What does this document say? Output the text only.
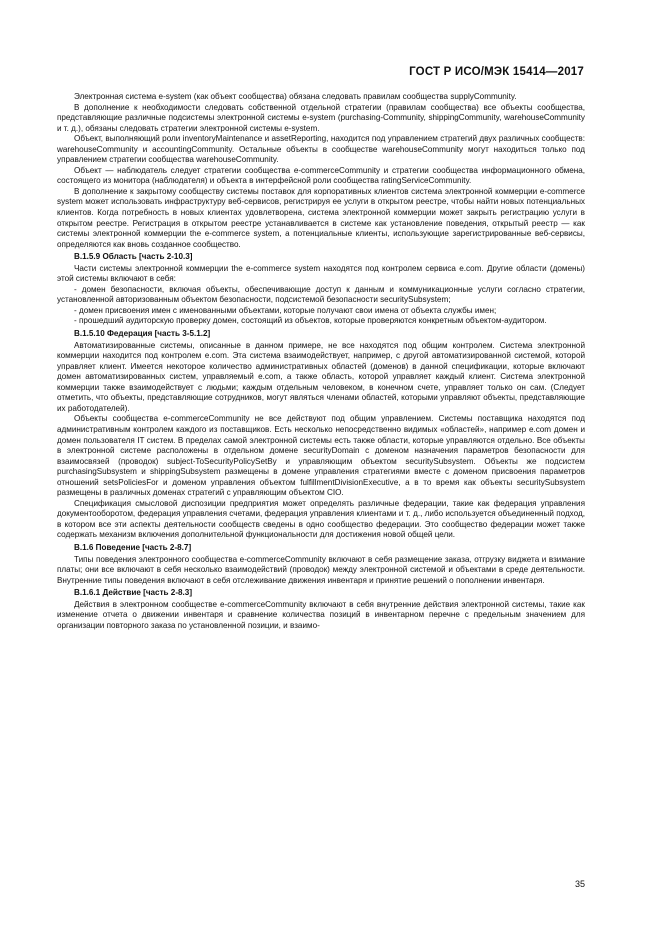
ГОСТ Р ИСО/МЭК 15414—2017

Электронная система e-system (как объект сообщества) обязана следовать правилам сообщества supplyCommunity.

В дополнение к необходимости следовать собственной отдельной стратегии (правилам сообщества) все объекты сообщества, представляющие различные подсистемы электронной системы e-system (purchasing-Community, shippingCommunity, warehouseCommunity и т. д.), обязаны следовать стратегии электронной системы e-system.

Объект, выполняющий роли inventoryMaintenance и assetReporting, находится под управлением стратегий двух различных сообществ: warehouseCommunity и accountingCommunity. Остальные объекты в сообществе warehouseCommunity могут находиться только под управлением стратегии сообщества warehouseCommunity.

Объект — наблюдатель следует стратегии сообщества e-commerceCommunity и стратегии сообщества информационного обмена, состоящего из монитора (наблюдателя) и объекта в интерфейсной роли сообщества ratingServiceCommunity.

В дополнение к закрытому сообществу системы поставок для корпоративных клиентов система электронной коммерции e-commerce system может использовать инфраструктуру веб-сервисов, регистрируя ее услуги в открытом реестре, чтобы найти новых потенциальных клиентов. Когда потребность в новых клиентах удовлетворена, система электронной коммерции может закрыть регистрацию услуги в открытом реестре. Регистрация в открытом реестре устанавливается в системе как установление поведения, открытый реестр — как системы электронной коммерции the e-commerce system, а потенциальные клиенты, использующие зарегистрированные веб-сервисы, определяются как вновь созданное сообщество.

B.1.5.9 Область [часть 2-10.3]

Части системы электронной коммерции the e-commerce system находятся под контролем сервиса e.com. Другие области (домены) этой системы включают в себя:

- домен безопасности, включая объекты, обеспечивающие доступ к данным и коммуникационные услуги согласно стратегии, установленной авторизованным объектом безопасности, подсистемой безопасности securitySubsystem;

- домен присвоения имен с именованными объектами, которые получают свои имена от объекта службы имен;

- прошедший аудиторскую проверку домен, состоящий из объектов, которые проверяются конкретным объектом-аудитором.

B.1.5.10 Федерация [часть 3-5.1.2]

Автоматизированные системы, описанные в данном примере, не все находятся под общим контролем. Система электронной коммерции находится под контролем e.com. Эта система взаимодействует, например, с другой автоматизированной системой, которой управляет клиент. Имеется некоторое количество административных областей (доменов) в данной спецификации, которые включают домен автоматизированных систем, управляемый e.com, а также область, которой управляет каждый клиент. Система электронной коммерции также взаимодействует с людьми; каждым отдельным человеком, в конечном счете, управляет только он сам. (Следует отметить, что объекты, представляющие сотрудников, могут являться членами областей, которыми управляют объекты, представляющие их работодателей).

Объекты сообщества e-commerceCommunity не все действуют под общим управлением. Системы поставщика находятся под административным контролем каждого из поставщиков. Есть несколько непосредственно видимых «областей», например e.com домен и домен пользователя IT систем. В пределах самой электронной системы есть также области, которые управляются отдельно. Все объекты в электронной системе расположены в отдельном домене securityDomain с доменом назначения параметров безопасности для взаимосвязей (проводок) subject-ToSecurityPolicySetBy и управляющим объектом securitySubsystem. Объекты же подсистем purchasingSubsystem и shippingSubsystem размещены в домене управления стратегиями вместе с доменом присвоения параметров отношений setsPoliciesFor и доменом управления объектом fulfillmentDivisionExecutive, а в то время как объекты securitySubsystem размещены в различных доменах стратегий с управляющим объектом CIO.

Спецификация смысловой диспозиции предприятия может определять различные федерации, такие как федерация управления документооборотом, федерация управления счетами, федерация управления клиентами и т. д., либо используется объединенный подход, в котором все эти аспекты деятельности сообществ сведены в одно сообщество федерации. Это сообщество федерации может также содержать механизм включения дополнительной функциональности для достижения новой общей цели.

B.1.6 Поведение [часть 2-8.7]

Типы поведения электронного сообщества e-commerceCommunity включают в себя размещение заказа, отгрузку виджета и взимание платы; они все включают в себя несколько взаимодействий (проводок) между электронной системой и объектами в среде деятельности. Внутренние типы поведения включают в себя отслеживание движения инвентаря и принятие решений о пополнении инвентаря.

B.1.6.1 Действие [часть 2-8.3]

Действия в электронном сообществе e-commerceCommunity включают в себя внутренние действия электронной системы, такие как изменение отчета о движении инвентаря и сравнение количества позиций в инвентарном перечне с предельным значением для организации повторного заказа по установленной позиции, и взаимо-

35
